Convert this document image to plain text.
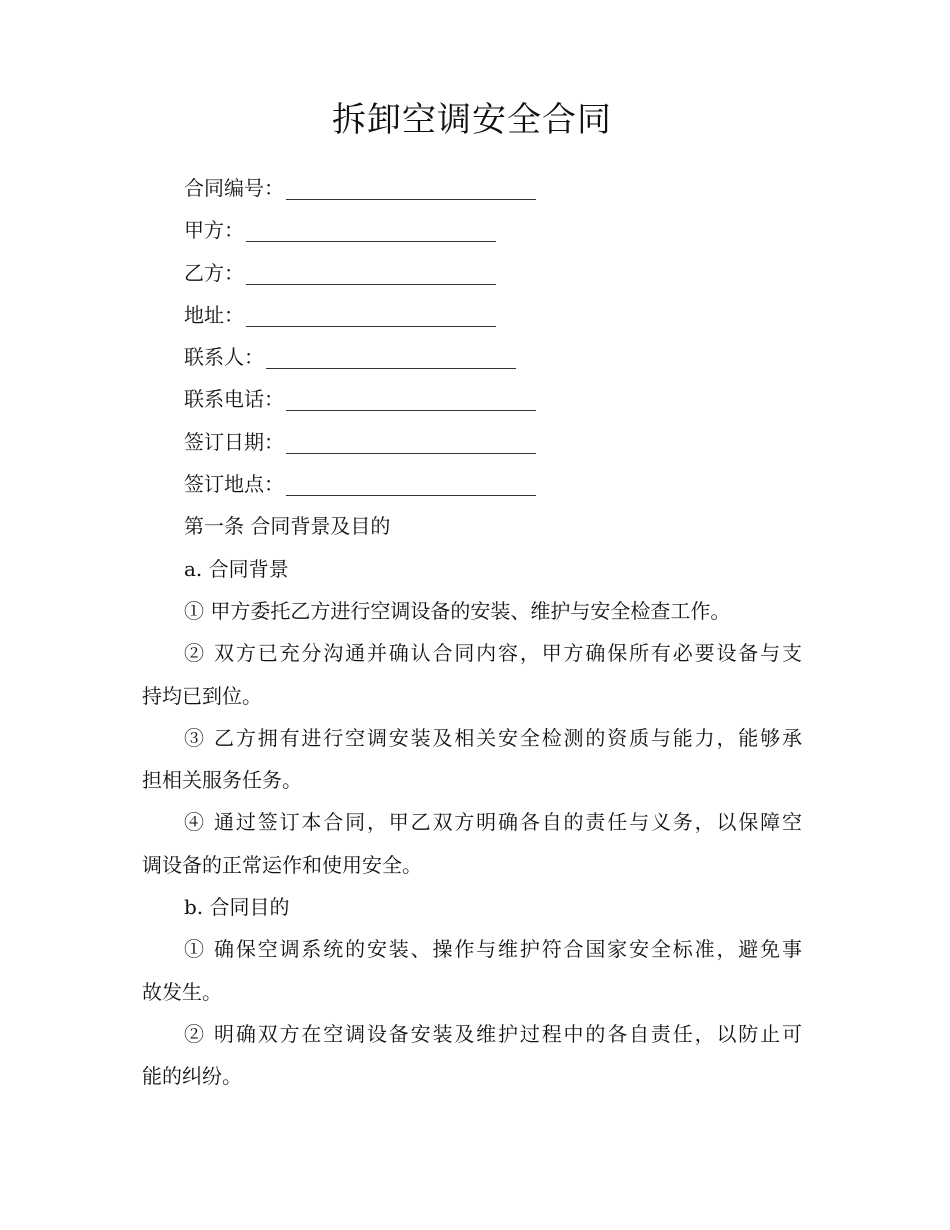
拆卸空调安全合同
合同编号：
甲方：
乙方：
地址：
联系人：
联系电话：
签订日期：
签订地点：
第一条 合同背景及目的
a. 合同背景
① 甲方委托乙方进行空调设备的安装、维护与安全检查工作。
② 双方已充分沟通并确认合同内容，甲方确保所有必要设备与支
持均已到位。
③ 乙方拥有进行空调安装及相关安全检测的资质与能力，能够承
担相关服务任务。
④ 通过签订本合同，甲乙双方明确各自的责任与义务，以保障空
调设备的正常运作和使用安全。
b. 合同目的
① 确保空调系统的安装、操作与维护符合国家安全标准，避免事
故发生。
② 明确双方在空调设备安装及维护过程中的各自责任，以防止可
能的纠纷。
